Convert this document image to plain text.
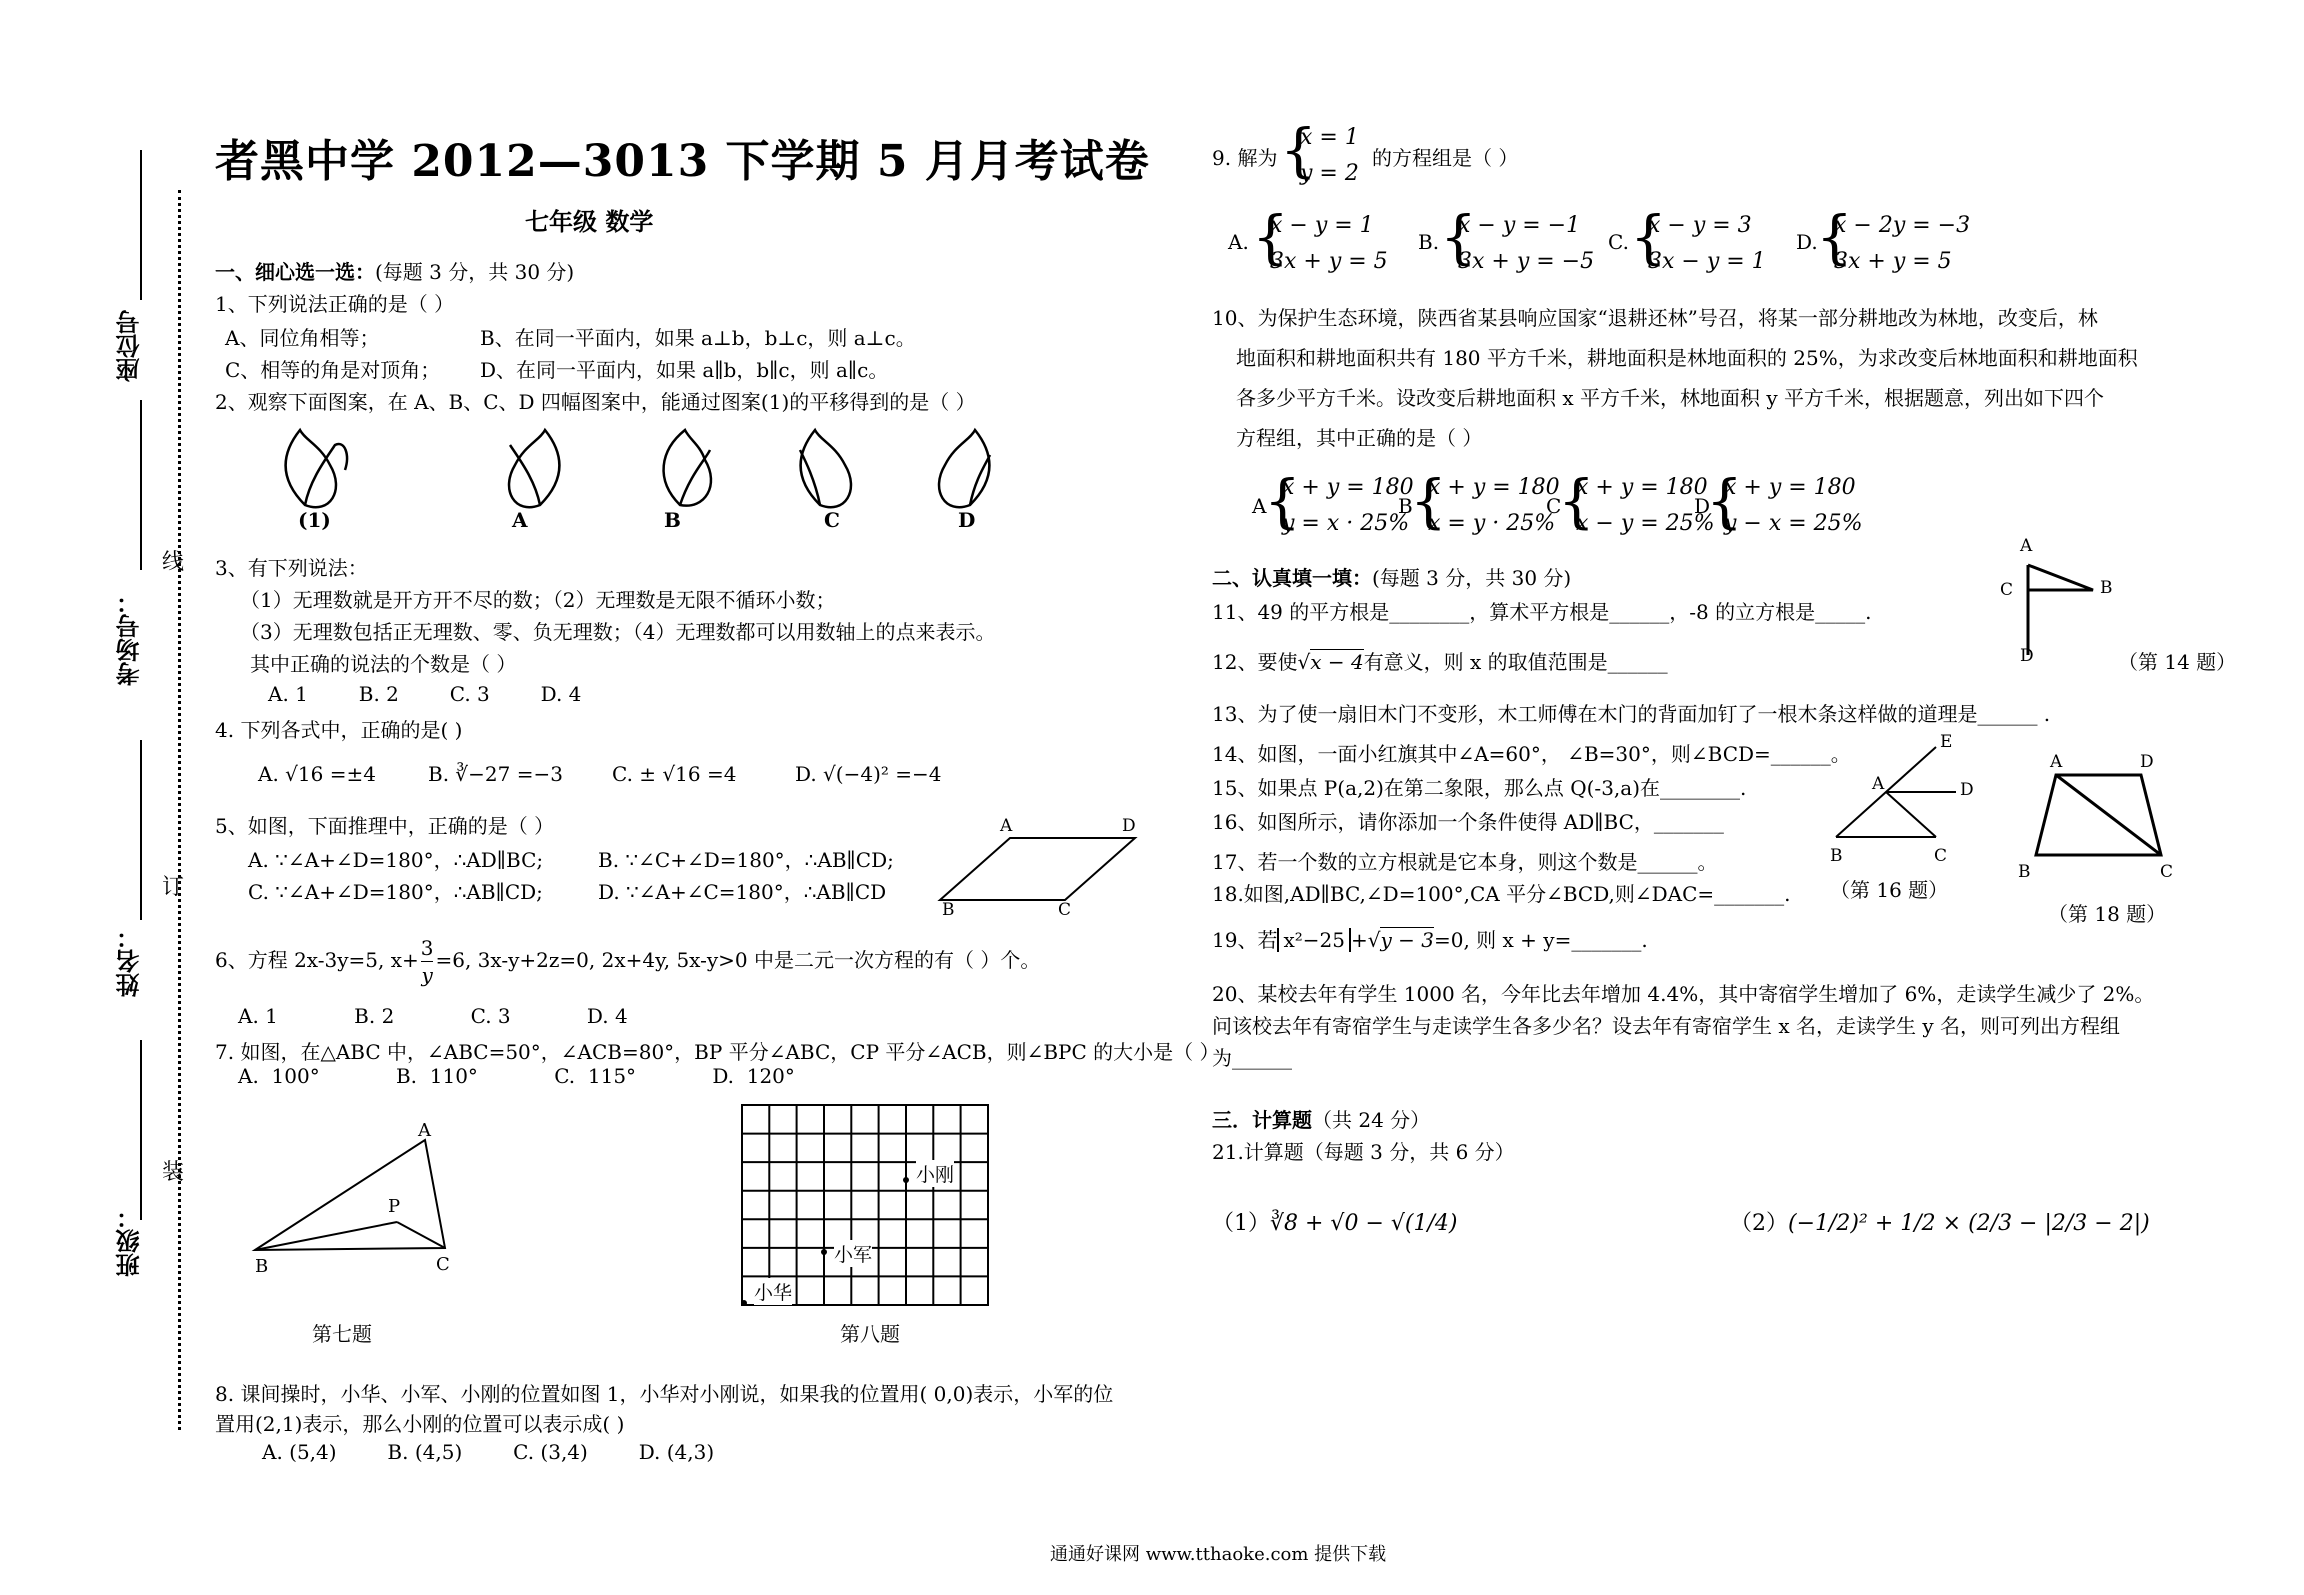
座位号
考场号：
姓名：
班级：
线
订
装
者黑中学 2012—3013 下学期 5 月月考试卷
七年级 数学
一、细心选一选：(每题 3 分，共 30 分)
1、下列说法正确的是（ ）
A、同位角相等；	B、在同一平面内，如果 a⊥b，b⊥c，则 a⊥c。
C、相等的角是对顶角； D、在同一平面内，如果 a∥b，b∥c，则 a∥c。
2、观察下面图案，在 A、B、C、D 四幅图案中，能通过图案(1)的平移得到的是（ ）
(1)	A	B	C	D
3、有下列说法：
（1）无理数就是开方开不尽的数；（2）无理数是无限不循环小数；
（3）无理数包括正无理数、零、负无理数；（4）无理数都可以用数轴上的点来表示。
其中正确的说法的个数是（ ）
A. 1        B. 2        C. 3        D. 4
4. 下列各式中，正确的是( )
A. √16 =±4	B. ∛−27 =−3 C. ± √16 =4	D. √(−4)² =−4
5、如图，下面推理中，正确的是（ ）
A. ∵∠A+∠D=180°，∴AD∥BC;	B. ∵∠C+∠D=180°，∴AB∥CD;
C. ∵∠A+∠D=180°，∴AB∥CD;	D. ∵∠A+∠C=180°，∴AB∥CD
A	D
B	C
6、方程 2x-3y=5, $x+ \frac{3}{y} =6$, 3x-y+2z=0, 2x+4y, 5x-y>0 中是二元一次方程的有（ ）个。
A. 1            B. 2            C. 3            D. 4
7. 如图，在△ABC 中，∠ABC=50°，∠ACB=80°，BP 平分∠ABC，CP 平分∠ACB，则∠BPC 的大小是（ ）
A.  100°            B.  110°            C.  115°            D.  120°
A
P
B	C
第七题
小刚
小军
小华
第八题
8. 课间操时，小华、小军、小刚的位置如图 1，小华对小刚说，如果我的位置用( 0,0)表示，小军的位
置用(2,1)表示，那么小刚的位置可以表示成( )
A. (5,4)        B. (4,5)        C. (3,4)        D. (4,3)
9. 解为 {
x = 1
y = 2
的方程组是（ ）
A. {
x − y = 1
3x + y = 5
B. {
x − y = −1
3x + y = −5
C. {
x − y = 3
3x − y = 1
D.
{
x − 2y = −3
3x + y = 5
10、为保护生态环境，陕西省某县响应国家“退耕还林”号召，将某一部分耕地改为林地，改变后，林
地面积和耕地面积共有 180 平方千米，耕地面积是林地面积的 25%，为求改变后林地面积和耕地面积
各多少平方千米。设改变后耕地面积 x 平方千米，林地面积 y 平方千米，根据题意，列出如下四个
方程组，其中正确的是（ ）
A
{
x + y = 180
y = x · 25%
B
{
x + y = 180
x = y · 25%
C
{
x + y = 180
x − y = 25%
D
{
x + y = 180
y − x = 25%
二、认真填一填：(每题 3 分，共 30 分)
11、49 的平方根是________，算术平方根是______，-8 的立方根是_____.
12、要使√x − 4有意义，则 x 的取值范围是______
A
C	B
D	（第 14 题）
13、为了使一扇旧木门不变形，木工师傅在木门的背面加钉了一根木条这样做的道理是______ .
14、如图，一面小红旗其中∠A=60°， ∠B=30°，则∠BCD=______。
15、如果点 P(a,2)在第二象限，那么点 Q(-3,a)在________.
16、如图所示，请你添加一个条件使得 AD∥BC，_______
17、若一个数的立方根就是它本身，则这个数是______。
18.如图,AD∥BC,∠D=100°,CA 平分∠BCD,则∠DAC=_______.
E
A	D
B	C
（第 16 题）
A	D
B	C
（第 18 题）
19、若 x²−25 +√y − 3=0, 则 x + y=_______.
20、某校去年有学生 1000 名，今年比去年增加 4.4%，其中寄宿学生增加了 6%，走读学生减少了 2%。
问该校去年有寄宿学生与走读学生各多少名？设去年有寄宿学生 x 名，走读学生 y 名，则可列出方程组
为______
三．计算题（共 24 分）
21.计算题（每题 3 分，共 6 分）
（1）∛8 + √0 − √(1/4)	（2）(−1/2)² + 1/2 × (2/3 − |2/3 − 2|)
通通好课网 www.tthaoke.com 提供下载
